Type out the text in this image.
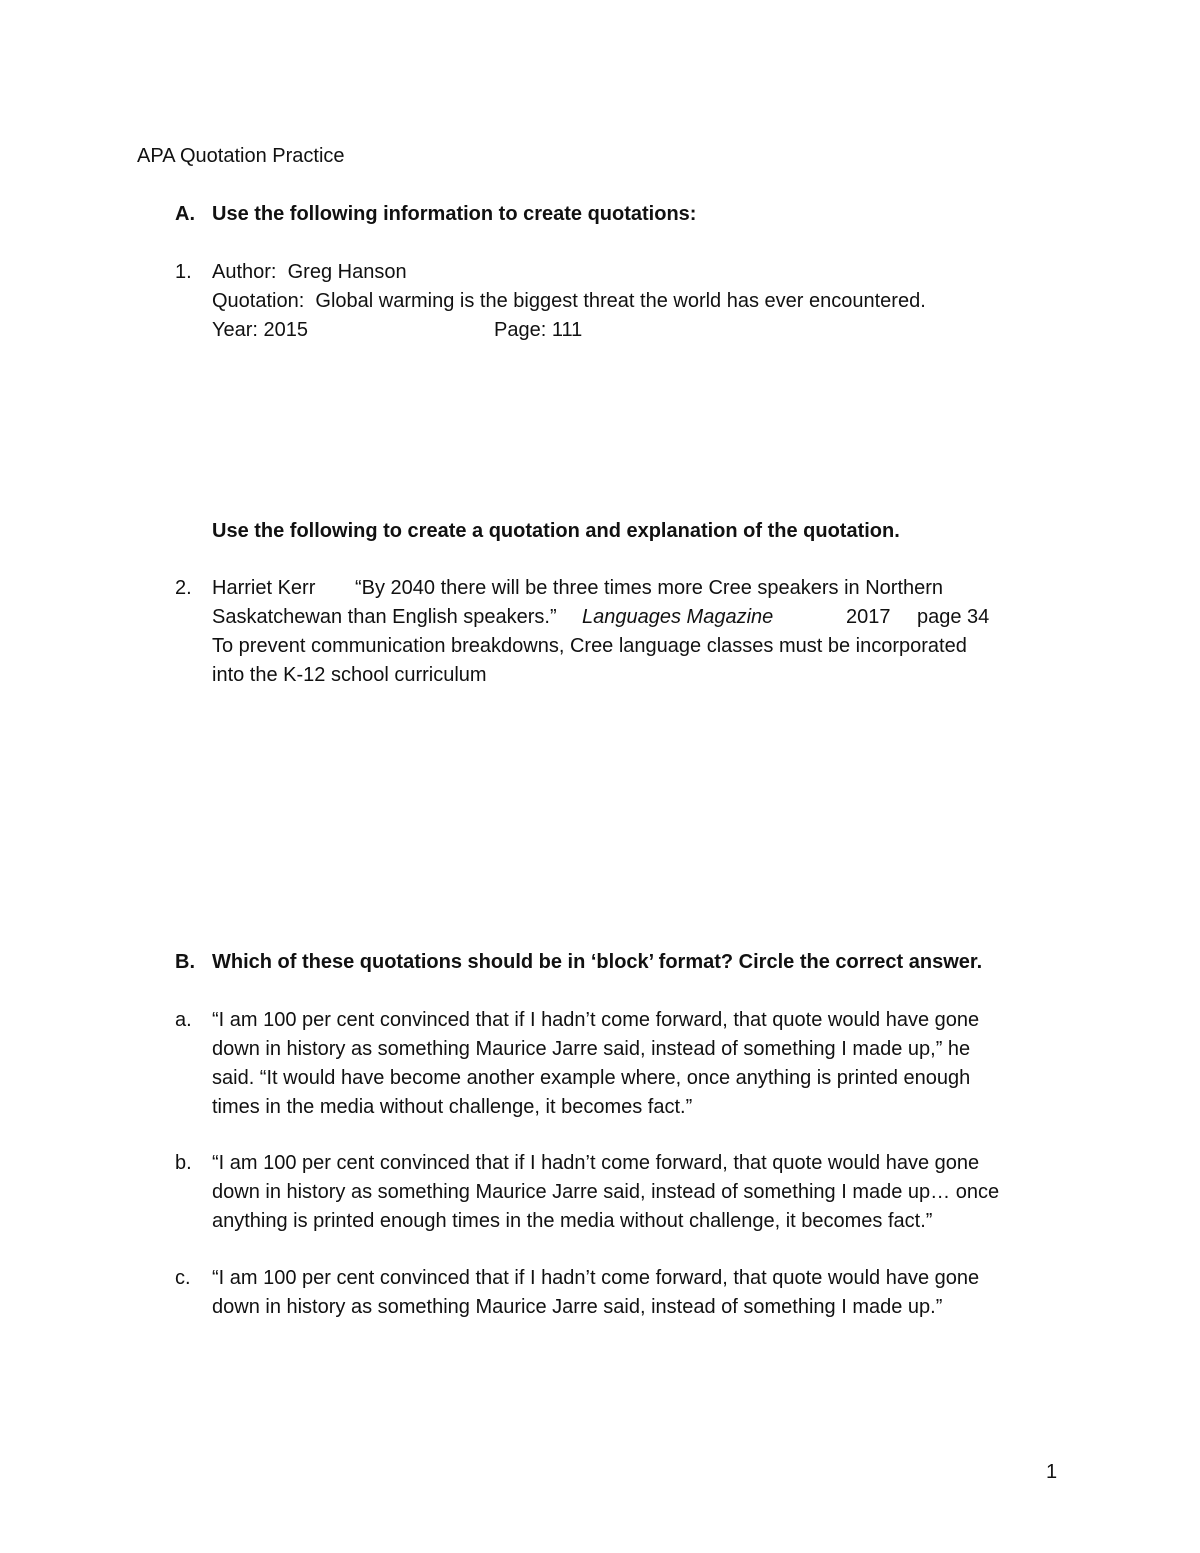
APA Quotation Practice
A. Use the following information to create quotations:
1. Author: Greg Hanson
Quotation: Global warming is the biggest threat the world has ever encountered.
Year: 2015	Page: 111
Use the following to create a quotation and explanation of the quotation.
2. Harriet Kerr “By 2040 there will be three times more Cree speakers in Northern
Saskatchewan than English speakers.” Languages Magazine	2017 page 34
To prevent communication breakdowns, Cree language classes must be incorporated
into the K-12 school curriculum
B. Which of these quotations should be in ‘block’ format? Circle the correct answer.
a. “I am 100 per cent convinced that if I hadn’t come forward, that quote would have gone
down in history as something Maurice Jarre said, instead of something I made up,” he
said. “It would have become another example where, once anything is printed enough
times in the media without challenge, it becomes fact.”
b. “I am 100 per cent convinced that if I hadn’t come forward, that quote would have gone
down in history as something Maurice Jarre said, instead of something I made up… once
anything is printed enough times in the media without challenge, it becomes fact.”
c. “I am 100 per cent convinced that if I hadn’t come forward, that quote would have gone
down in history as something Maurice Jarre said, instead of something I made up.”
1
